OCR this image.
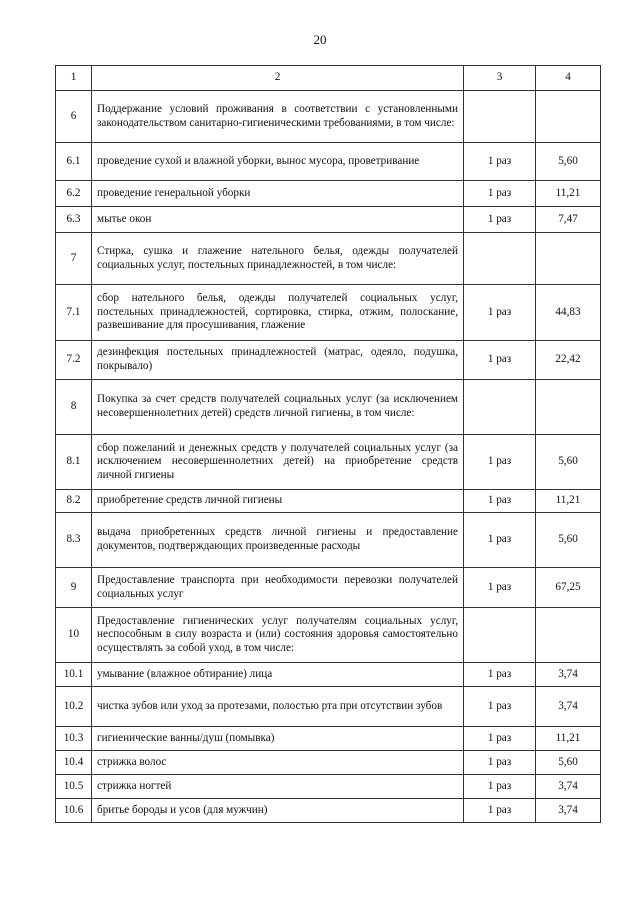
20
1	2	3	4
6	Поддержание условий проживания в соответствии с установленными законодательством санитарно-гигиеническими требованиями, в том числе:		
6.1	проведение сухой и влажной уборки, вынос мусора, проветривание	1 раз	5,60
6.2	проведение генеральной уборки	1 раз	11,21
6.3	мытье окон	1 раз	7,47
7	Стирка, сушка и глажение нательного белья, одежды получателей социальных услуг, постельных принадлежностей, в том числе:		
7.1	сбор нательного белья, одежды получателей социальных услуг, постельных принадлежностей, сортировка, стирка, отжим, полоскание, развешивание для просушивания, глажение	1 раз	44,83
7.2	дезинфекция постельных принадлежностей (матрас, одеяло, подушка, покрывало)	1 раз	22,42
8	Покупка за счет средств получателей социальных услуг (за исключением несовершеннолетних детей) средств личной гигиены, в том числе:		
8.1	сбор пожеланий и денежных средств у получателей социальных услуг (за исключением несовершеннолетних детей) на приобретение средств личной гигиены	1 раз	5,60
8.2	приобретение средств личной гигиены	1 раз	11,21
8.3	выдача приобретенных средств личной гигиены и предоставление документов, подтверждающих произведенные расходы	1 раз	5,60
9	Предоставление транспорта при необходимости перевозки получателей социальных услуг	1 раз	67,25
10	Предоставление гигиенических услуг получателям социальных услуг, неспособным в силу возраста и (или) состояния здоровья самостоятельно осуществлять за собой уход, в том числе:		
10.1	умывание (влажное обтирание) лица	1 раз	3,74
10.2	чистка зубов или уход за протезами, полостью рта при отсутствии зубов	1 раз	3,74
10.3	гигиенические ванны/душ (помывка)	1 раз	11,21
10.4	стрижка волос	1 раз	5,60
10.5	стрижка ногтей	1 раз	3,74
10.6	бритье бороды и усов (для мужчин)	1 раз	3,74
